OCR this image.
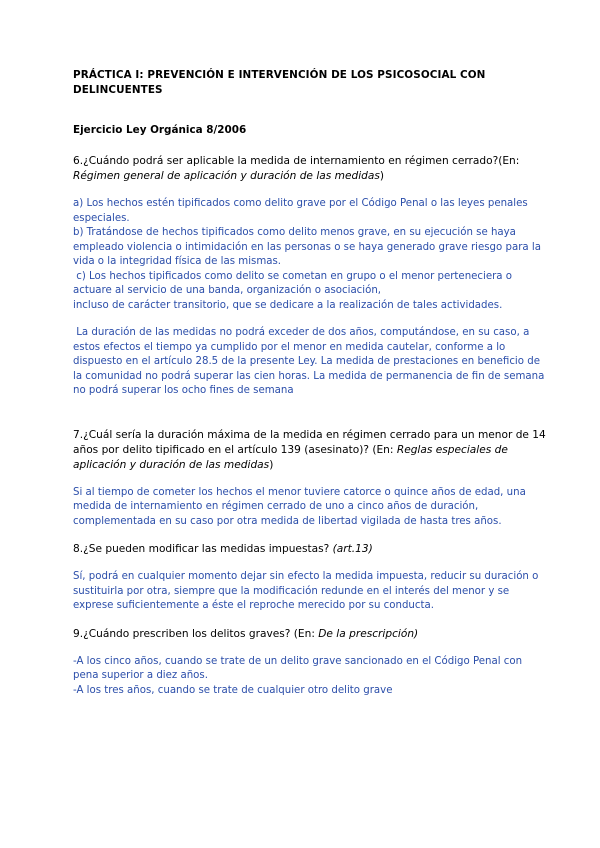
PRÁCTICA I: PREVENCIÓN E INTERVENCIÓN DE LOS PSICOSOCIAL CON
DELINCUENTES
Ejercicio Ley Orgánica 8/2006
6.¿Cuándo podrá ser aplicable la medida de internamiento en régimen cerrado?(En:
Régimen general de aplicación y duración de las medidas)
a) Los hechos estén tipificados como delito grave por el Código Penal o las leyes penales
especiales.
b) Tratándose de hechos tipificados como delito menos grave, en su ejecución se haya
empleado violencia o intimidación en las personas o se haya generado grave riesgo para la
vida o la integridad física de las mismas.
c) Los hechos tipificados como delito se cometan en grupo o el menor perteneciera o
actuare al servicio de una banda, organización o asociación,
incluso de carácter transitorio, que se dedicare a la realización de tales actividades.
La duración de las medidas no podrá exceder de dos años, computándose, en su caso, a
estos efectos el tiempo ya cumplido por el menor en medida cautelar, conforme a lo
dispuesto en el artículo 28.5 de la presente Ley. La medida de prestaciones en beneficio de
la comunidad no podrá superar las cien horas. La medida de permanencia de fin de semana
no podrá superar los ocho fines de semana
7.¿Cuál sería la duración máxima de la medida en régimen cerrado para un menor de 14
años por delito tipificado en el artículo 139 (asesinato)? (En: Reglas especiales de
aplicación y duración de las medidas)
Si al tiempo de cometer los hechos el menor tuviere catorce o quince años de edad, una
medida de internamiento en régimen cerrado de uno a cinco años de duración,
complementada en su caso por otra medida de libertad vigilada de hasta tres años.
8.¿Se pueden modificar las medidas impuestas? (art.13)
Sí, podrá en cualquier momento dejar sin efecto la medida impuesta, reducir su duración o
sustituirla por otra, siempre que la modificación redunde en el interés del menor y se
exprese suficientemente a éste el reproche merecido por su conducta.
9.¿Cuándo prescriben los delitos graves? (En: De la prescripción)
-A los cinco años, cuando se trate de un delito grave sancionado en el Código Penal con
pena superior a diez años.
-A los tres años, cuando se trate de cualquier otro delito grave
